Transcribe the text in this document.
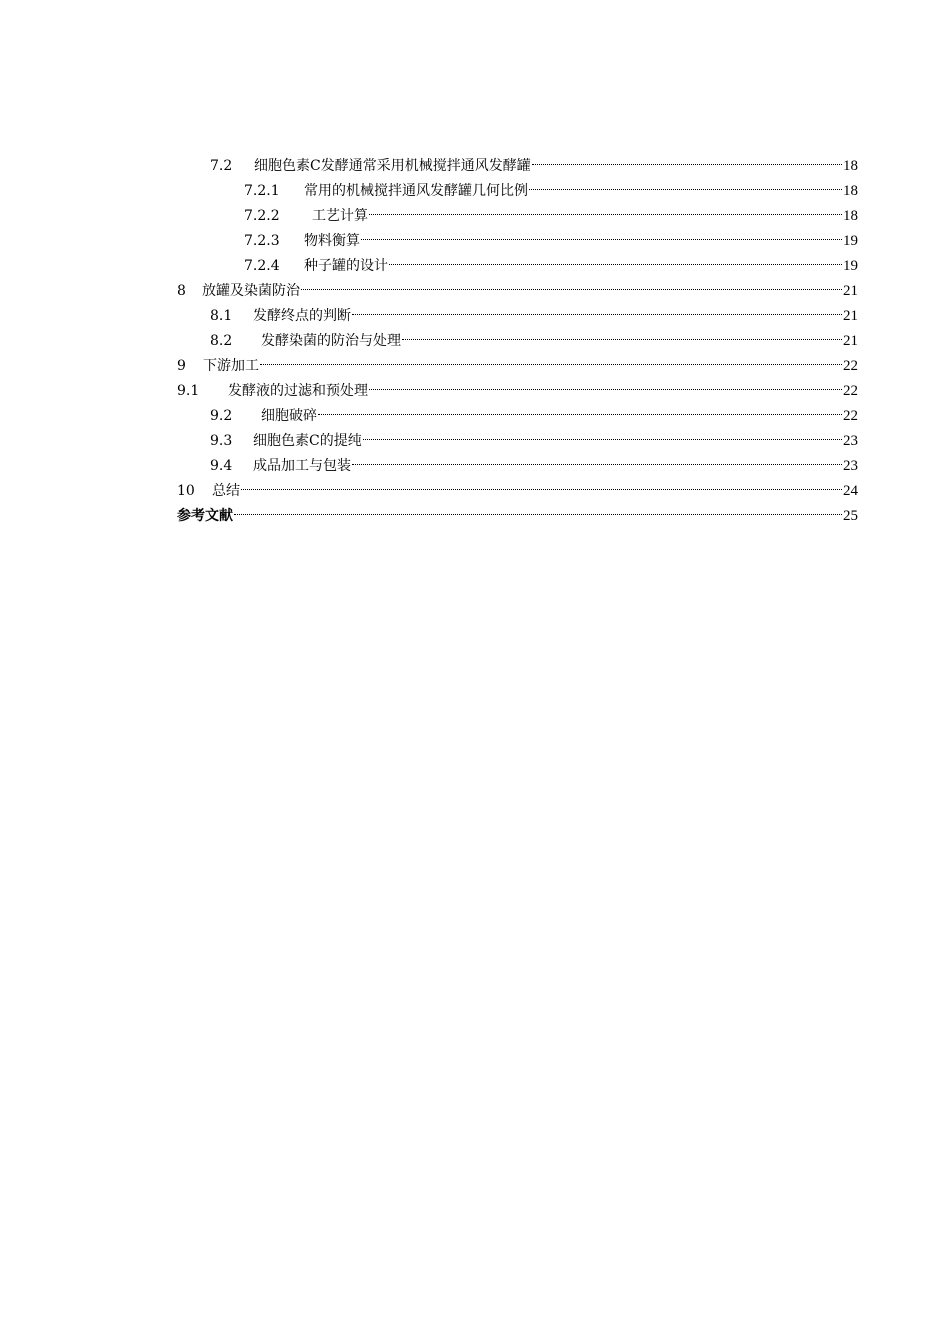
7.2	细胞色素C发酵通常采用机械搅拌通风发酵罐	18
7.2.1	常用的机械搅拌通风发酵罐几何比例	18
7.2.2	工艺计算	18
7.2.3	物料衡算	19
7.2.4	种子罐的设计	19
8	放罐及染菌防治	21
8.1	发酵终点的判断	21
8.2	发酵染菌的防治与处理	21
9	下游加工	22
9.1	发酵液的过滤和预处理	22
9.2	细胞破碎	22
9.3	细胞色素C的提纯	23
9.4	成品加工与包装	23
10	总结	24
参考文献	25
